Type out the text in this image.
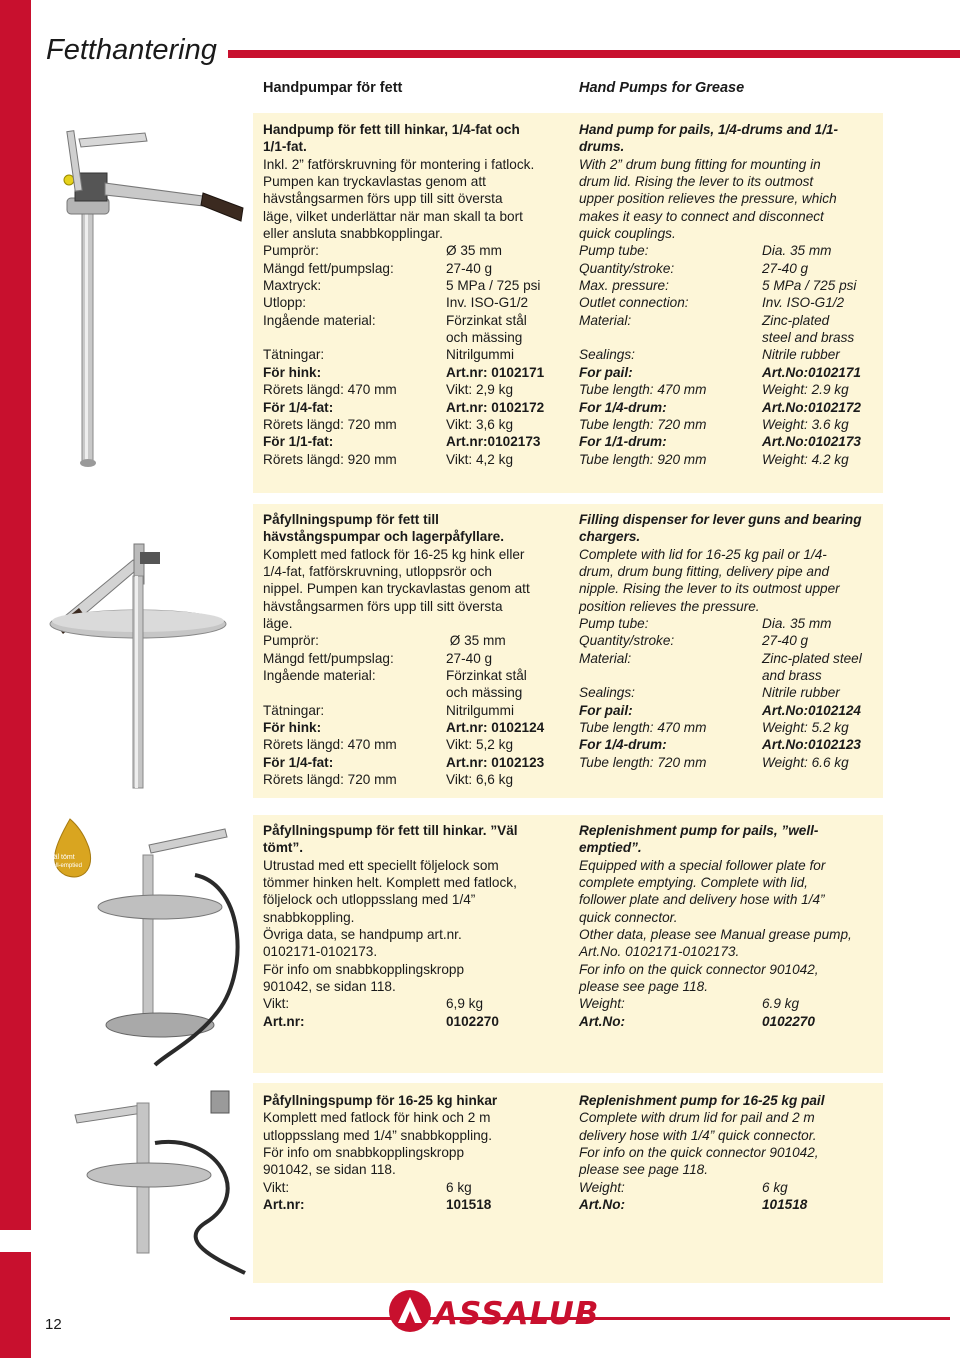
Fetthantering
Handpumpar för fett	Hand Pumps for Grease
Väl tömt
Well-emptied

Handpump för fett till hinkar, 1/4-fat och

1/1-fat.

Inkl. 2” fatförskruvning för montering i fatlock.

Pumpen kan tryckavlastas genom att

hävstångsarmen förs upp till sitt översta

läge, vilket underlättar när man skall ta bort

eller ansluta snabbkopplingar.

Pumprör:	Ø 35 mm
Mängd fett/pumpslag:	27-40 g
Maxtryck:	5 MPa / 725 psi
Utlopp:	Inv. ISO-G1/2
Ingående material:	Förzinkat stål
och mässing
Tätningar:	Nitrilgummi
För hink:	Art.nr: 0102171
Rörets längd: 470 mm	Vikt: 2,9 kg
För 1/4-fat:	Art.nr: 0102172
Rörets längd: 720 mm	Vikt: 3,6 kg
För 1/1-fat:	Art.nr:0102173
Rörets längd: 920 mm	Vikt: 4,2 kg

Hand pump for pails, 1/4-drums and 1/1-

drums.

With 2” drum bung fitting for mounting in

drum lid. Rising the lever to its outmost

upper position relieves the pressure, which

makes it easy to connect and disconnect

quick couplings.

Pump tube:	Dia. 35 mm
Quantity/stroke:	27-40 g
Max. pressure:	5 MPa / 725 psi
Outlet connection:	Inv. ISO-G1/2
Material:	Zinc-plated
steel and brass
Sealings:	Nitrile rubber
For pail:	Art.No:0102171
Tube length: 470 mm	Weight: 2.9 kg
For 1/4-drum:	Art.No:0102172
Tube length: 720 mm	Weight: 3.6 kg
For 1/1-drum:	Art.No:0102173
Tube length: 920 mm	Weight: 4.2 kg

Påfyllningspump för fett till

hävstångspumpar och lagerpåfyllare.

Komplett med fatlock för 16-25 kg hink eller

1/4-fat, fatförskruvning, utloppsrör och

nippel. Pumpen kan tryckavlastas genom att

hävstångsarmen förs upp till sitt översta

läge.

Pumprör:	Ø 35 mm
Mängd fett/pumpslag:	27-40 g
Ingående material:	Förzinkat stål
och mässing
Tätningar:	Nitrilgummi
För hink:	Art.nr: 0102124
Rörets längd: 470 mm	Vikt: 5,2 kg
För 1/4-fat:	Art.nr: 0102123
Rörets längd: 720 mm	Vikt: 6,6 kg

Filling dispenser for lever guns and bearing

chargers.

Complete with lid for 16-25 kg pail or 1/4-

drum, drum bung fitting, delivery pipe and

nipple. Rising the lever to its outmost upper

position relieves the pressure.

Pump tube:	Dia. 35 mm
Quantity/stroke:	27-40 g
Material:	Zinc-plated steel
and brass
Sealings:	Nitrile rubber
For pail:	Art.No:0102124
Tube length: 470 mm	Weight: 5.2 kg
For 1/4-drum:	Art.No:0102123
Tube length: 720 mm	Weight: 6.6 kg

Påfyllningspump för fett till hinkar. ”Väl

tömt”.

Utrustad med ett speciellt följelock som

tömmer hinken helt. Komplett med fatlock,

följelock och utloppsslang med 1/4”

snabbkoppling.

Övriga data, se handpump art.nr.

0102171-0102173.

För info om snabbkopplingskropp

901042, se sidan 118.

Vikt:	6,9 kg
Art.nr:	0102270

Replenishment pump for pails, ”well-

emptied”.

Equipped with a special follower plate for

complete emptying. Complete with lid,

follower plate and delivery hose with 1/4”

quick connector.

Other data, please see Manual grease pump,

Art.No. 0102171-0102173.

For info on the quick connector 901042,

please see page 118.

Weight:	6.9 kg
Art.No:	0102270

Påfyllningspump för 16-25 kg hinkar

Komplett med fatlock för hink och 2 m

utloppsslang med 1/4” snabbkoppling.

För info om snabbkopplingskropp

901042, se sidan 118.

Vikt:	6 kg
Art.nr:	101518

Replenishment pump for 16-25 kg pail

Complete with drum lid for pail and 2 m

delivery hose with 1/4” quick connector.

For info on the quick connector 901042,

please see page 118.

Weight:	6 kg
Art.No:	101518
12	ASSALUB
